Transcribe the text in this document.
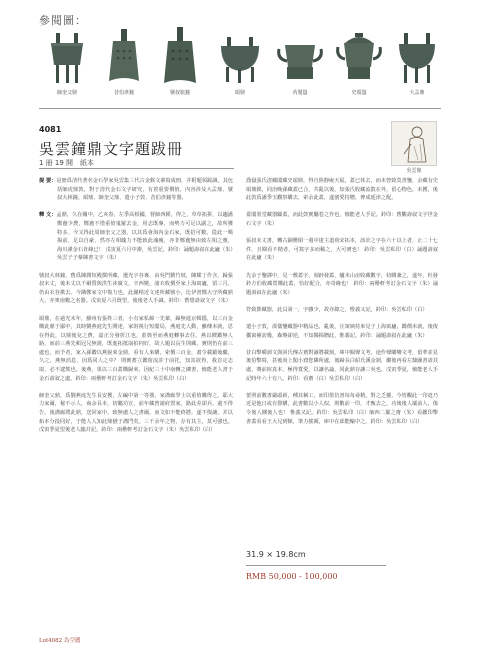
參閱圖：
師奎父鼎	昔伯彥鐘	號叔旅鐘	頌鼎	芮餐簋	史頌簋	大盂鼎
4081
吳雲鐘鼎文字題跋冊
1 冊 19 開　紙本
吳雲像

提 要：是冊爲清代著名金石學家吳雲集三代古金銘文摹寫成冊，并附題領跋識，其包括師虎鼎敦，對于清代金石文字研究，有着重要價值，內容涉及大盂鼎、號叔大林鐘、頌鼎、師奎父鼎、遣小子敦、昔伯彥鐘等器。

釋 文：孟鼎，久在關中，乙亥春，左季高相國，督師西陲，得之，草草拓拼，以趨潘鄭盦少農，鄭盦不惜重值鬼羅去金，用志既專，而勢力可足以副之，故所獲特多。今又得此周師奎父之器，以其爲會海內金石家，既招可數，從此一噶揭前，足以自豪，然亦左相魄力不能致此魂瘦，亦非鄭盦無由致左相之雅，海川謹金石肯緣已！ 戊寅夏六月中澣，吳雲記，鈐印：誦題壽叙在此廬（朱）吳雲子子摹陳書文字（朱）

號叔大林鐘，舊爲陳潤短殿撰所藏，遺光宇谷專，由吳門劉竹坡，陳耀丁作含，歸張叔未丈，後未丈以千緡質與洪生沐廣文，辛西變，諸衣收價至家上海寓廬，留三月，仍由衣谷携去。今隣鄭家文中復力也，此鐘稍近文達所藏號小，比伊書鄭大守所藏鼎大，亦衆南數之名器。戊寅夏六月既望，後後老人手識，鈐印：舊覺壽叙文字（朱）

頌鼎，在過光末年，蘇州有張姓三者，小有家私綿一先輩，歸無進京輯隱，以三百金購此鼎于鄙中，其時劉燕庭先生開達，家財視行短閣局，燕庭先人動，雖傳本就，思在得此，以鼎後兌之費，嘉正分發折江也，蒞典至而燕庭轉事去住，燕以價鑑無人路，而前三燕先頓冠兄無證，既進拓抵崩拍伺好，故人題以長生則藏，實則仍在前三處也，而予者，家入孫鑑以燕貌來金鼎，看有人來購，索價三百金，畫令載鍛後繼，久之，燕無消息，因爲同人之中？ 則實蓄立鑑窗流許于前托，知其欲得，我首定志取，必不逮熊也。後燕，果以三百蓋購歸來，因紀三十中南轉之縷書，恤能老人書于金石壽叙之處。鈐印：兩罍軒考訂金石文字（朱）吳雲私印（白）

師奎父鼎，爲劉燕庭先生長安獲，左編中第一等器，家溝廊學士以重值購得之，耶大力家爾，秘不示人，商余長本，切屬功宣，前年藏曾諸府置家，路此差卻兵，還不得告，後溝廊將此鼎，送回家中，致無慮人之書爾，而文如不能終將，遂不復讓，并以拓本分投同好，于能人人知此鼎猶于溝門矣。三千余年之物，存有其主，莫可強也。戊寅季夏望後老人臨并記。鈐印：兩罍軒考訂金石文字（朱）吳雲私印（白）

喬嶽張氏清藏閣藏史頌鼎，得自陸靜庵天福，蓋已休去，而未曾致莫善鑒，余藏有史頌鼎銘，同治晚孫藏蓋已合，共亂以後，知張氏收藏流散在外，留心物色，未獲，後此敦爲潘季玉觀察購去，索余此蓋，遂割愛持贈，俾成延津之配。

臺閣墨堂藏器顧蓋，而此鼓實屬卷之作也，恤能老人手記。鈐印：舊觀壽叙文字世金石文字（朱）

張叔未丈書，轉古銅罍閉一週中逢主道荷宋拓本，該計之字在六十以上者，止二十七件，且閱看不精者，可寫字多而稀之，大可實也！ 鈐印：吳雲私印（白）誦題壽叙在此廬（朱）

先余于鑒譯中，見一敷蓋字，刻辟發蓋，爐未山房收藏數字，妨購兼之，遂年，杜發鈐方伯收藏賞購此蓋，恰好配合，亦奇緣也！ 鈐印：兩罍軒考訂金石文字（朱）誦題壽叙在此廬（朱）

符致鄧藏器，此具第一，字雖少，故亦錄之，惟義又記。鈐印：吳雲私印（白）

遣小子敦，湊儀鑒藏器中精品也，亂後，汪寓姨持來見于上海寓廬，鑑價未就，後復攜寓補訪幾，森煥卻逆，不知獨揭贈此，惟義記。鈐印：誦題壽叙在此廬（朱）

昔白擊嚼訓文與回氏傳古齋對讀將載刻，庫中閱聲文考，途作聲闡嘴文考，留華並見後伯擊寫，甚後尚上閣小窟您隣所處，後歸長白紹氏溪金剝，繼後再看左隸圖書壽其處，賽前宿真本，極得賞愛，以讓名論，同此鼎存讓三吳也，戊寅季夏，恤能老人手記時年六十有八。鈐印：看齋（白）吳雲私印（白）

蕾照前數書嚴頭新，種其稱工，而印墨仿書每每尋精，對之乏靈，今皆觀此一印逍乃近是他日或有譽購，此書數以小人似，則數前一印，才甄去之，功後後人壩前人，傷令後人擄後人也！ 惟義又記。鈐印：吳雲私印（白）師西二羅之齋（朱）看鑑印擊書蓋看看王大兄到館，筆力搖厲，庫中在邱能輪中之。鈐印：吳雲私印（白）

31.9 × 19.8cm
RMB 50,000 - 100,000
Lot4082 為空麗
